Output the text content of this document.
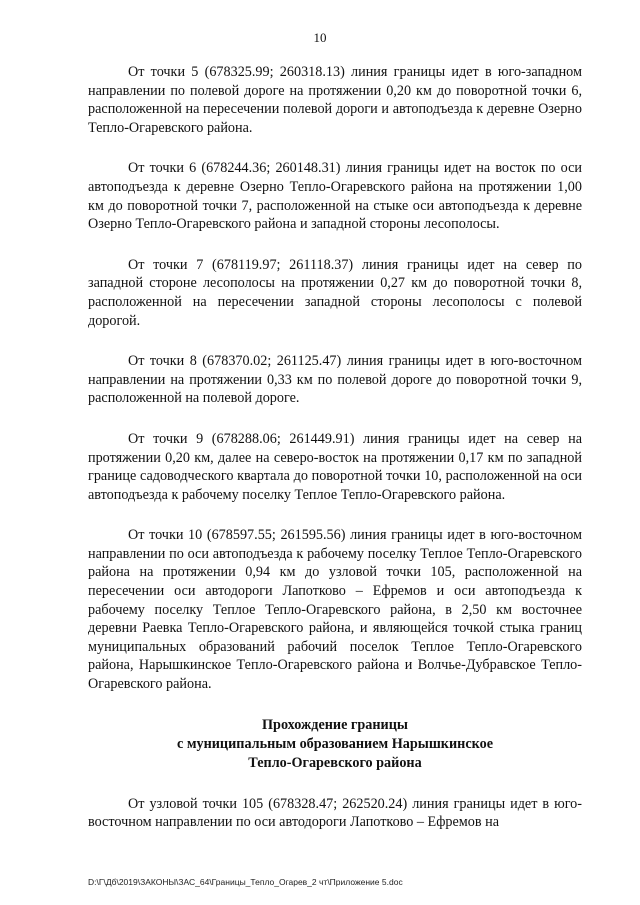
10

От точки 5 (678325.99; 260318.13) линия границы идет в юго-западном направлении по полевой дороге на протяжении 0,20 км до поворотной точки 6, расположенной на пересечении полевой дороги и автоподъезда к деревне Озерно Тепло-Огаревского района.

От точки 6 (678244.36; 260148.31) линия границы идет на восток по оси автоподъезда к деревне Озерно Тепло-Огаревского района на протяжении 1,00 км до поворотной точки 7, расположенной на стыке оси автоподъезда к деревне Озерно Тепло-Огаревского района и западной стороны лесополосы.

От точки 7 (678119.97; 261118.37) линия границы идет на север по западной стороне лесополосы на протяжении 0,27 км до поворотной точки 8, расположенной на пересечении западной стороны лесополосы с полевой дорогой.

От точки 8 (678370.02; 261125.47) линия границы идет в юго-восточном направлении на протяжении 0,33 км по полевой дороге до поворотной точки 9, расположенной на полевой дороге.

От точки 9 (678288.06; 261449.91) линия границы идет на север на протяжении 0,20 км, далее на северо-восток на протяжении 0,17 км по западной границе садоводческого квартала до поворотной точки 10, расположенной на оси автоподъезда к рабочему поселку Теплое Тепло-Огаревского района.

От точки 10 (678597.55; 261595.56) линия границы идет в юго-восточном направлении по оси автоподъезда к рабочему поселку Теплое Тепло-Огаревского района на протяжении 0,94 км до узловой точки 105, расположенной на пересечении оси автодороги Лапотково – Ефремов и оси автоподъезда к рабочему поселку Теплое Тепло-Огаревского района, в 2,50 км восточнее деревни Раевка Тепло-Огаревского района, и являющейся точкой стыка границ муниципальных образований рабочий поселок Теплое Тепло-Огаревского района, Нарышкинское Тепло-Огаревского района и Волчье-Дубравское Тепло-Огаревского района.

Прохождение границы
с муниципальным образованием Нарышкинское
Тепло-Огаревского района

От узловой точки 105 (678328.47; 262520.24) линия границы идет в юго-восточном направлении по оси автодороги Лапотково – Ефремов на

D:\Г\Дб\2019\ЗАКОНЫ\ЗАС_64\Границы_Тепло_Огарев_2 чт\Приложение 5.doc
